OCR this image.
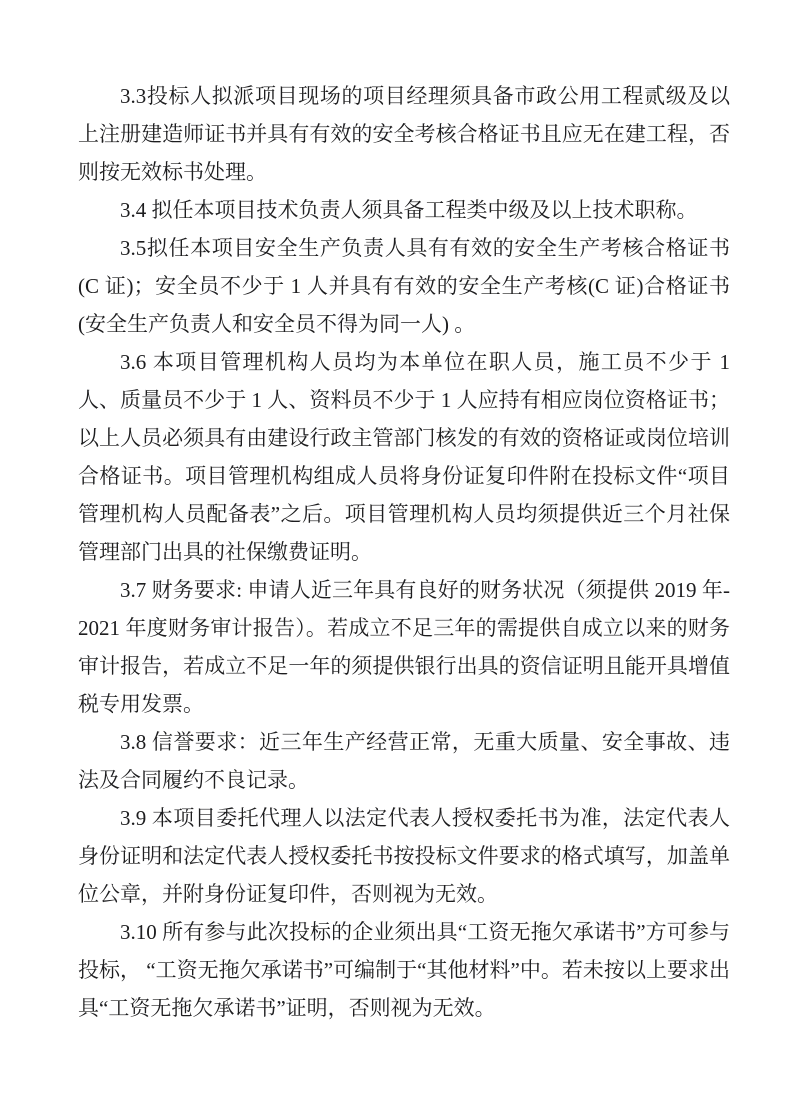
3.3投标人拟派项目现场的项目经理须具备市政公用工程贰级及以上注册建造师证书并具有有效的安全考核合格证书且应无在建工程，否则按无效标书处理。

3.4 拟任本项目技术负责人须具备工程类中级及以上技术职称。

3.5拟任本项目安全生产负责人具有有效的安全生产考核合格证书(C 证)；安全员不少于 1 人并具有有效的安全生产考核(C 证)合格证书(安全生产负责人和安全员不得为同一人) 。

3.6 本项目管理机构人员均为本单位在职人员，施工员不少于 1 人、质量员不少于 1 人、资料员不少于 1 人应持有相应岗位资格证书；以上人员必须具有由建设行政主管部门核发的有效的资格证或岗位培训合格证书。项目管理机构组成人员将身份证复印件附在投标文件“项目管理机构人员配备表”之后。项目管理机构人员均须提供近三个月社保管理部门出具的社保缴费证明。

3.7 财务要求: 申请人近三年具有良好的财务状况（须提供 2019 年-2021 年度财务审计报告）。若成立不足三年的需提供自成立以来的财务审计报告，若成立不足一年的须提供银行出具的资信证明且能开具增值税专用发票。

3.8 信誉要求：近三年生产经营正常，无重大质量、安全事故、违法及合同履约不良记录。

3.9 本项目委托代理人以法定代表人授权委托书为准，法定代表人身份证明和法定代表人授权委托书按投标文件要求的格式填写，加盖单位公章，并附身份证复印件，否则视为无效。

3.10 所有参与此次投标的企业须出具“工资无拖欠承诺书”方可参与投标， “工资无拖欠承诺书”可编制于“其他材料”中。若未按以上要求出具“工资无拖欠承诺书”证明，否则视为无效。
